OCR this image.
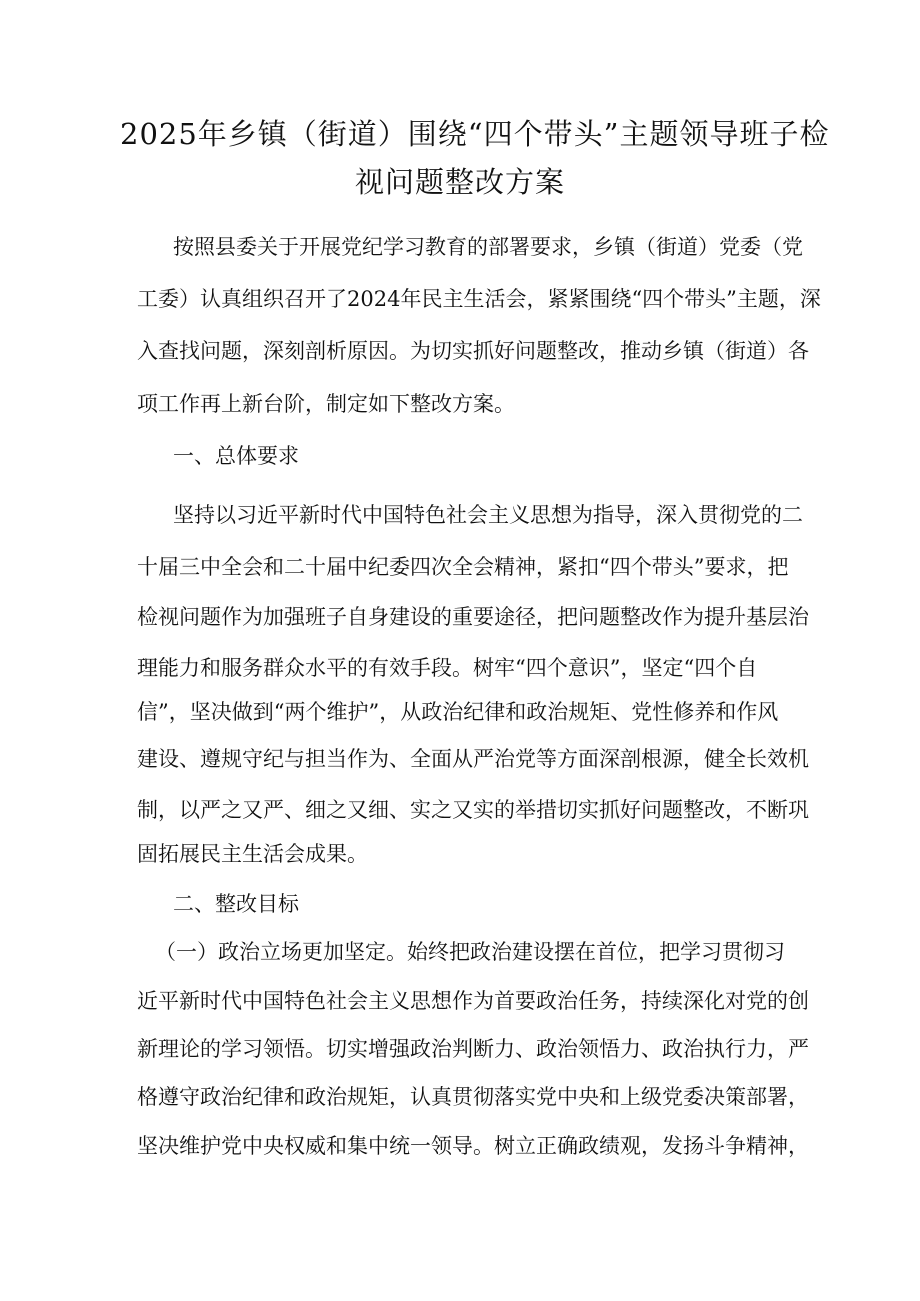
2025年乡镇（街道）围绕“四个带头”主题领导班子检
视问题整改方案
按照县委关于开展党纪学习教育的部署要求，乡镇（街道）党委（党
工委）认真组织召开了2024年民主生活会，紧紧围绕“四个带头”主题，深
入查找问题，深刻剖析原因。为切实抓好问题整改，推动乡镇（街道）各
项工作再上新台阶，制定如下整改方案。
一、总体要求
坚持以习近平新时代中国特色社会主义思想为指导，深入贯彻党的二
十届三中全会和二十届中纪委四次全会精神，紧扣“四个带头”要求，把
检视问题作为加强班子自身建设的重要途径，把问题整改作为提升基层治
理能力和服务群众水平的有效手段。树牢“四个意识”，坚定“四个自
信”，坚决做到“两个维护”，从政治纪律和政治规矩、党性修养和作风
建设、遵规守纪与担当作为、全面从严治党等方面深剖根源，健全长效机
制，以严之又严、细之又细、实之又实的举措切实抓好问题整改，不断巩
固拓展民主生活会成果。
二、整改目标
（一）政治立场更加坚定。始终把政治建设摆在首位，把学习贯彻习
近平新时代中国特色社会主义思想作为首要政治任务，持续深化对党的创
新理论的学习领悟。切实增强政治判断力、政治领悟力、政治执行力，严
格遵守政治纪律和政治规矩，认真贯彻落实党中央和上级党委决策部署，
坚决维护党中央权威和集中统一领导。树立正确政绩观，发扬斗争精神，
